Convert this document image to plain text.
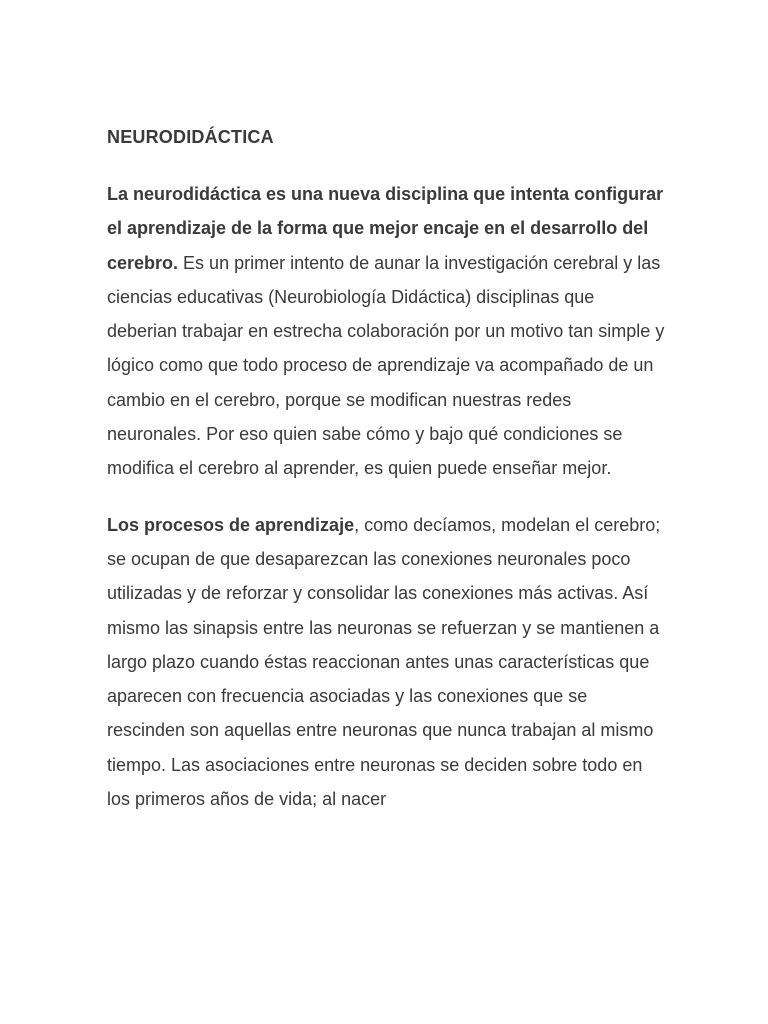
NEURODIDÁCTICA

La neurodidáctica es una nueva disciplina que intenta configurar el aprendizaje de la forma que mejor encaje en el desarrollo del cerebro. Es un primer intento de aunar la investigación cerebral y las ciencias educativas (Neurobiología Didáctica) disciplinas que deberian trabajar en estrecha colaboración por un motivo tan simple y lógico como que todo proceso de aprendizaje va acompañado de un cambio en el cerebro, porque se modifican nuestras redes neuronales. Por eso quien sabe cómo y bajo qué condiciones se modifica el cerebro al aprender, es quien puede enseñar mejor.

Los procesos de aprendizaje, como decíamos, modelan el cerebro; se ocupan de que desaparezcan las conexiones neuronales poco utilizadas y de reforzar y consolidar las conexiones más activas. Así mismo las sinapsis entre las neuronas se refuerzan y se mantienen a largo plazo cuando éstas reaccionan antes unas características que aparecen con frecuencia asociadas y las conexiones que se rescinden son aquellas entre neuronas que nunca trabajan al mismo tiempo. Las asociaciones entre neuronas se deciden sobre todo en los primeros años de vida; al nacer
